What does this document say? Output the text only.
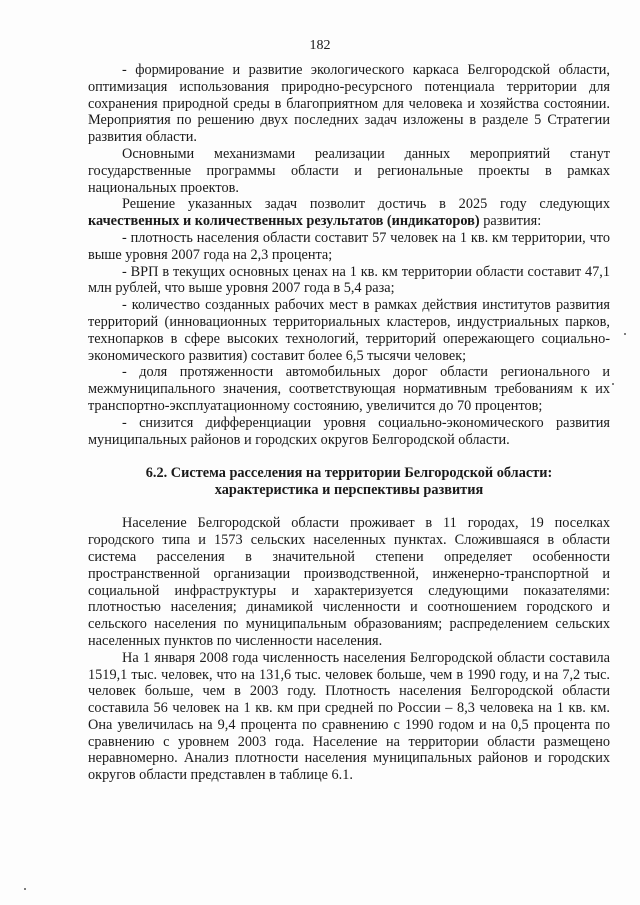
182

- формирование и развитие экологического каркаса Белгородской области, оптимизация использования природно-ресурсного потенциала территории для сохранения природной среды в благоприятном для человека и хозяйства состоянии. Мероприятия по решению двух последних задач изложены в разделе 5 Стратегии развития области.

Основными механизмами реализации данных мероприятий станут государственные программы области и региональные проекты в рамках национальных проектов.

Решение указанных задач позволит достичь в 2025 году следующих качественных и количественных результатов (индикаторов) развития:

- плотность населения области составит 57 человек на 1 кв. км территории, что выше уровня 2007 года на 2,3 процента;

- ВРП в текущих основных ценах на 1 кв. км территории области составит 47,1 млн рублей, что выше уровня 2007 года в 5,4 раза;

- количество созданных рабочих мест в рамках действия институтов развития территорий (инновационных территориальных кластеров, индустриальных парков, технопарков в сфере высоких технологий, территорий опережающего социально-экономического развития) составит более 6,5 тысячи человек;

- доля протяженности автомобильных дорог области регионального и межмуниципального значения, соответствующая нормативным требованиям к их транспортно-эксплуатационному состоянию, увеличится до 70 процентов;

- снизится дифференциации уровня социально-экономического развития муниципальных районов и городских округов Белгородской области.

6.2. Система расселения на территории Белгородской области:
характеристика и перспективы развития

Население Белгородской области проживает в 11 городах, 19 поселках городского типа и 1573 сельских населенных пунктах. Сложившаяся в области система расселения в значительной степени определяет особенности пространственной организации производственной, инженерно-транспортной и социальной инфраструктуры и характеризуется следующими показателями: плотностью населения; динамикой численности и соотношением городского и сельского населения по муниципальным образованиям; распределением сельских населенных пунктов по численности населения.

На 1 января 2008 года численность населения Белгородской области составила 1519,1 тыс. человек, что на 131,6 тыс. человек больше, чем в 1990 году, и на 7,2 тыс. человек больше, чем в 2003 году. Плотность населения Белгородской области составила 56 человек на 1 кв. км при средней по России – 8,3 человека на 1 кв. км. Она увеличилась на 9,4 процента по сравнению с 1990 годом и на 0,5 процента по сравнению с уровнем 2003 года. Население на территории области размещено неравномерно. Анализ плотности населения муниципальных районов и городских округов области представлен в таблице 6.1.
